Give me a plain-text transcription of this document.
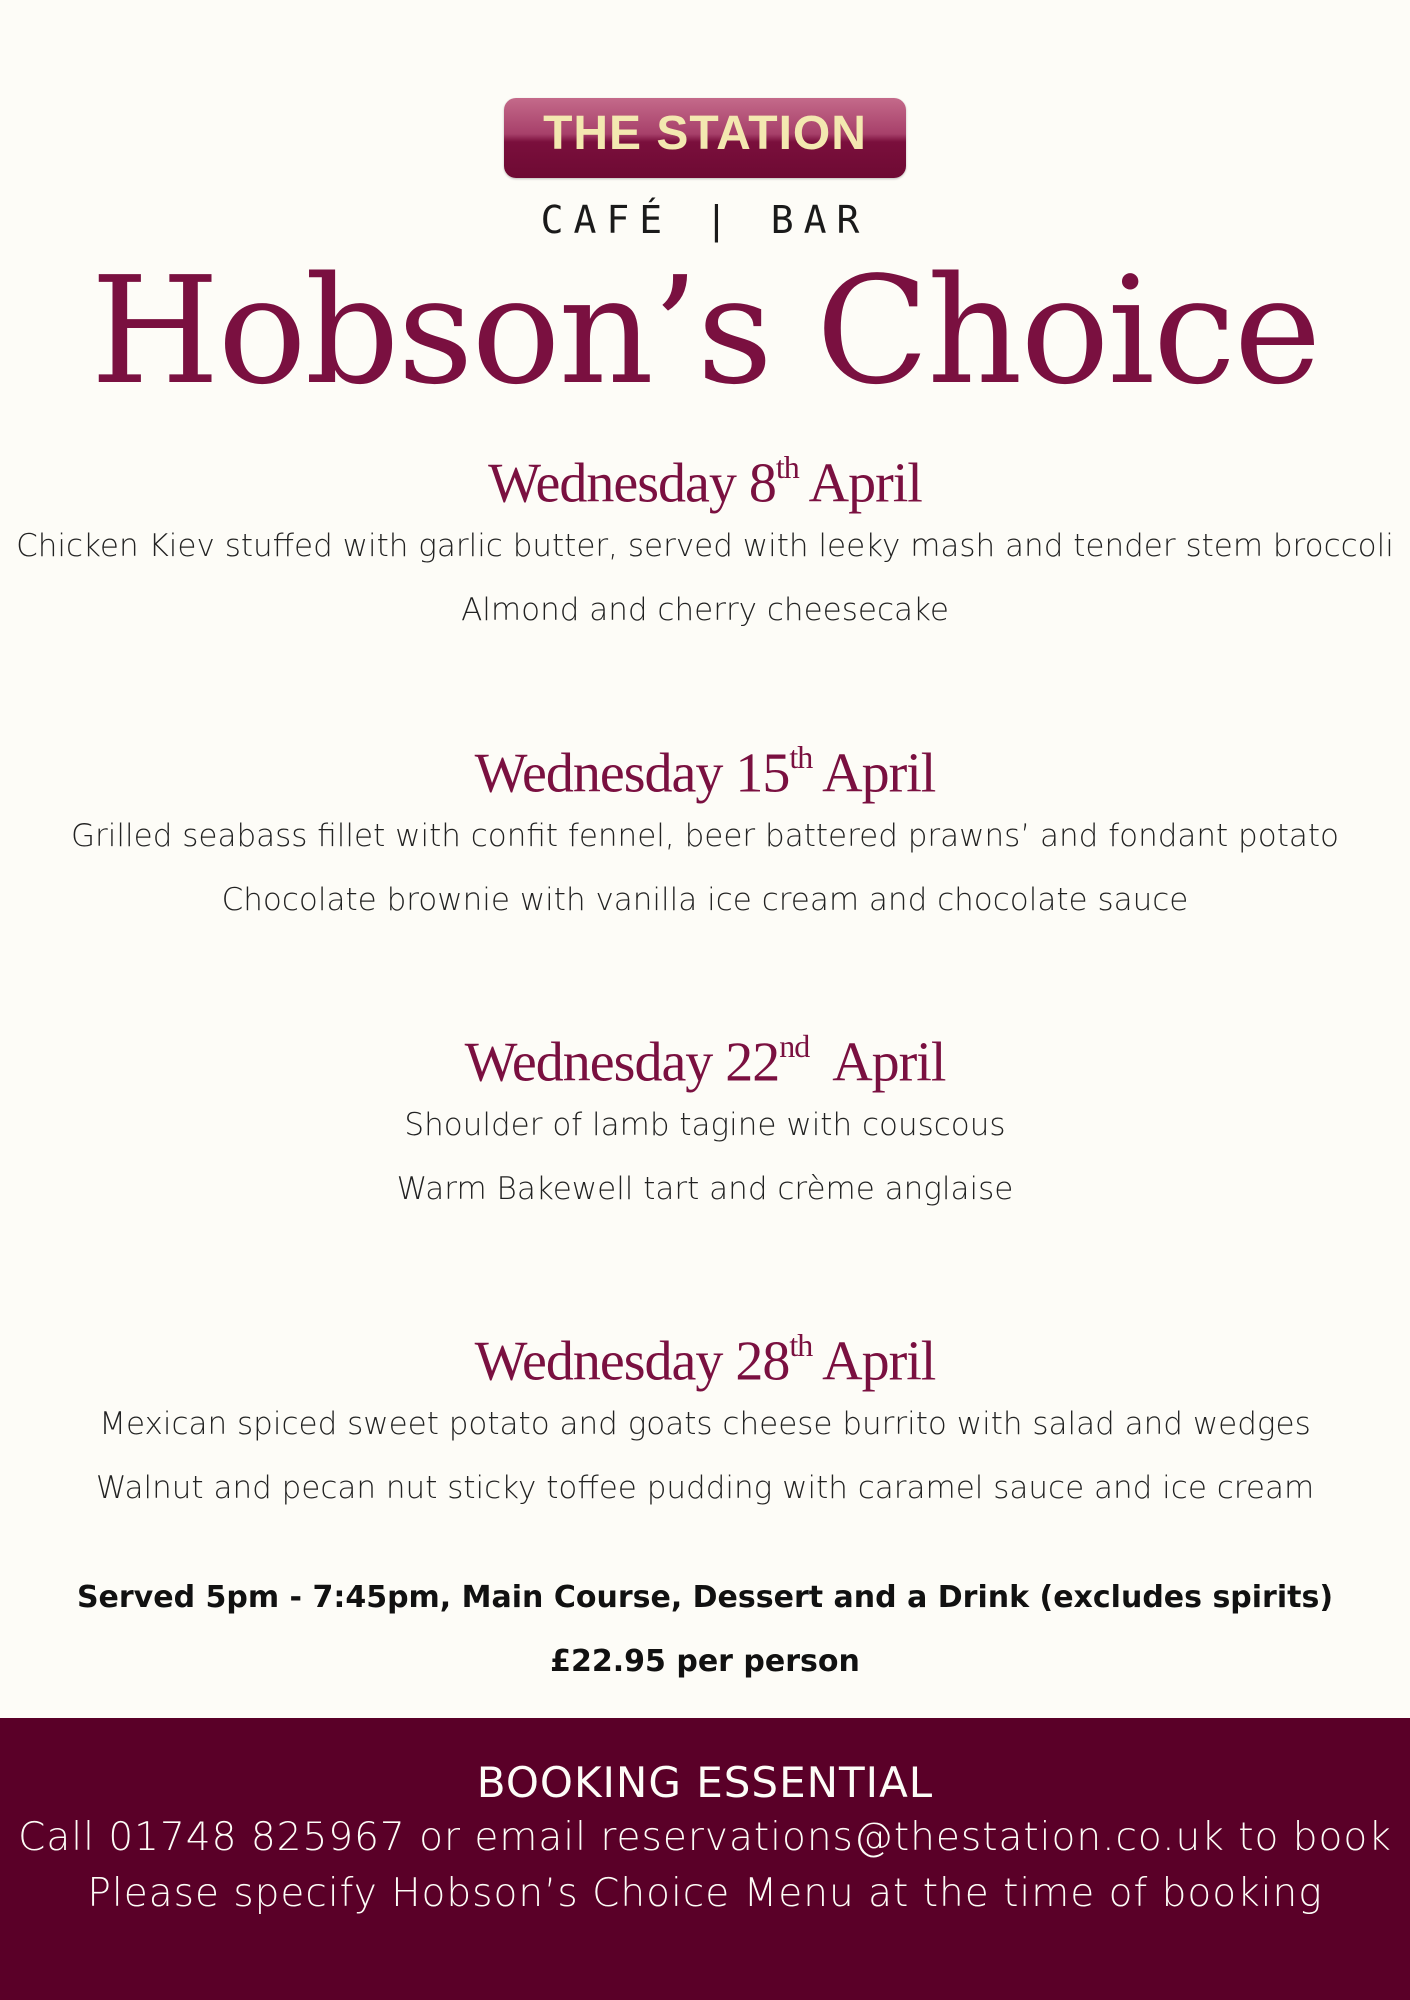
THE STATION
CAFÉ | BAR
Hobson’s Choice
Wednesday 8th April
Chicken Kiev stuffed with garlic butter, served with leeky mash and tender stem broccoli
Almond and cherry cheesecake
Wednesday 15th April
Grilled seabass fillet with confit fennel, beer battered prawns’ and fondant potato
Chocolate brownie with vanilla ice cream and chocolate sauce
Wednesday 22nd April
Shoulder of lamb tagine with couscous
Warm Bakewell tart and crème anglaise
Wednesday 28th April
Mexican spiced sweet potato and goats cheese burrito with salad and wedges
Walnut and pecan nut sticky toffee pudding with caramel sauce and ice cream
Served 5pm - 7:45pm, Main Course, Dessert and a Drink (excludes spirits)
£22.95 per person
BOOKING ESSENTIAL
Call 01748 825967 or email reservations@thestation.co.uk to book
Please specify Hobson’s Choice Menu at the time of booking
